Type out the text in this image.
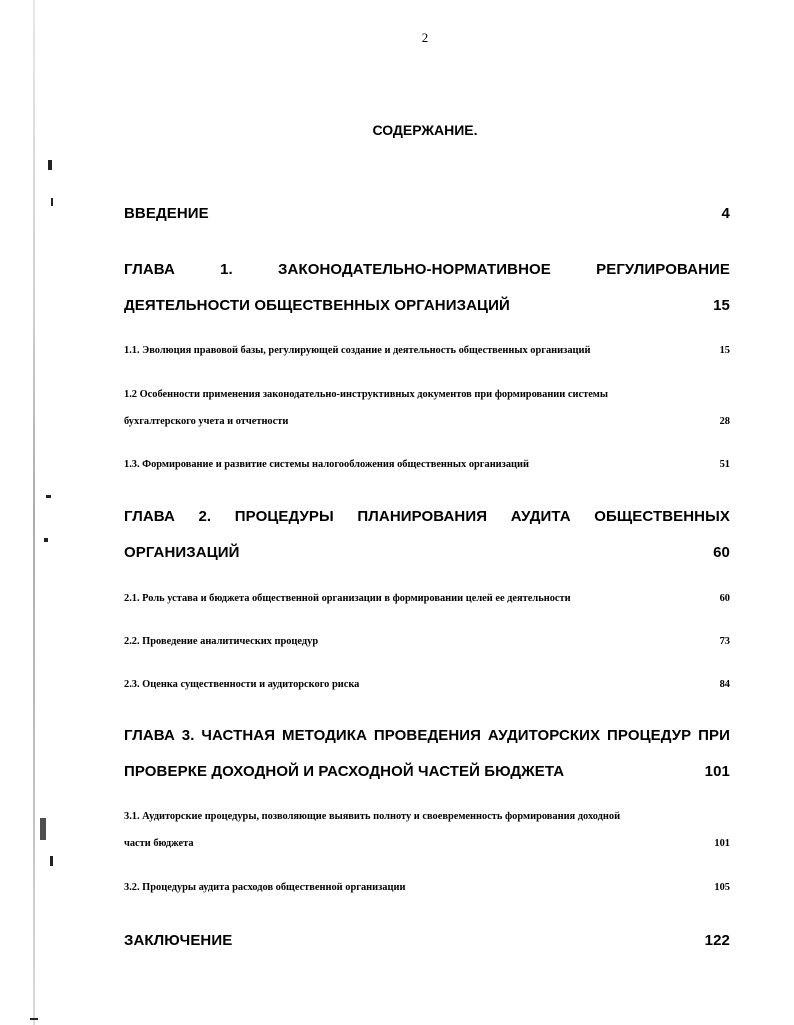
2
СОДЕРЖАНИЕ.
ВВЕДЕНИЕ	4
ГЛАВА 1. ЗАКОНОДАТЕЛЬНО-НОРМАТИВНОЕ РЕГУЛИРОВАНИЕ
ДЕЯТЕЛЬНОСТИ ОБЩЕСТВЕННЫХ ОРГАНИЗАЦИЙ	15
1.1. Эволюция правовой базы, регулирующей создание и деятельность общественных организаций	15
1.2 Особенности применения законодательно-инструктивных документов при формировании системы
бухгалтерского учета и отчетности	28
1.3. Формирование и развитие системы налогообложения общественных организаций	51
ГЛАВА 2. ПРОЦЕДУРЫ ПЛАНИРОВАНИЯ АУДИТА ОБЩЕСТВЕННЫХ
ОРГАНИЗАЦИЙ	60
2.1. Роль устава и бюджета общественной организации в формировании целей ее деятельности	60
2.2. Проведение аналитических процедур	73
2.3. Оценка существенности и аудиторского риска	84
ГЛАВА 3. ЧАСТНАЯ МЕТОДИКА ПРОВЕДЕНИЯ АУДИТОРСКИХ ПРОЦЕДУР ПРИ
ПРОВЕРКЕ ДОХОДНОЙ И РАСХОДНОЙ ЧАСТЕЙ БЮДЖЕТА	101
3.1. Аудиторские процедуры, позволяющие выявить полноту и своевременность формирования доходной
части бюджета	101
3.2. Процедуры аудита расходов общественной организации	105
ЗАКЛЮЧЕНИЕ	122
